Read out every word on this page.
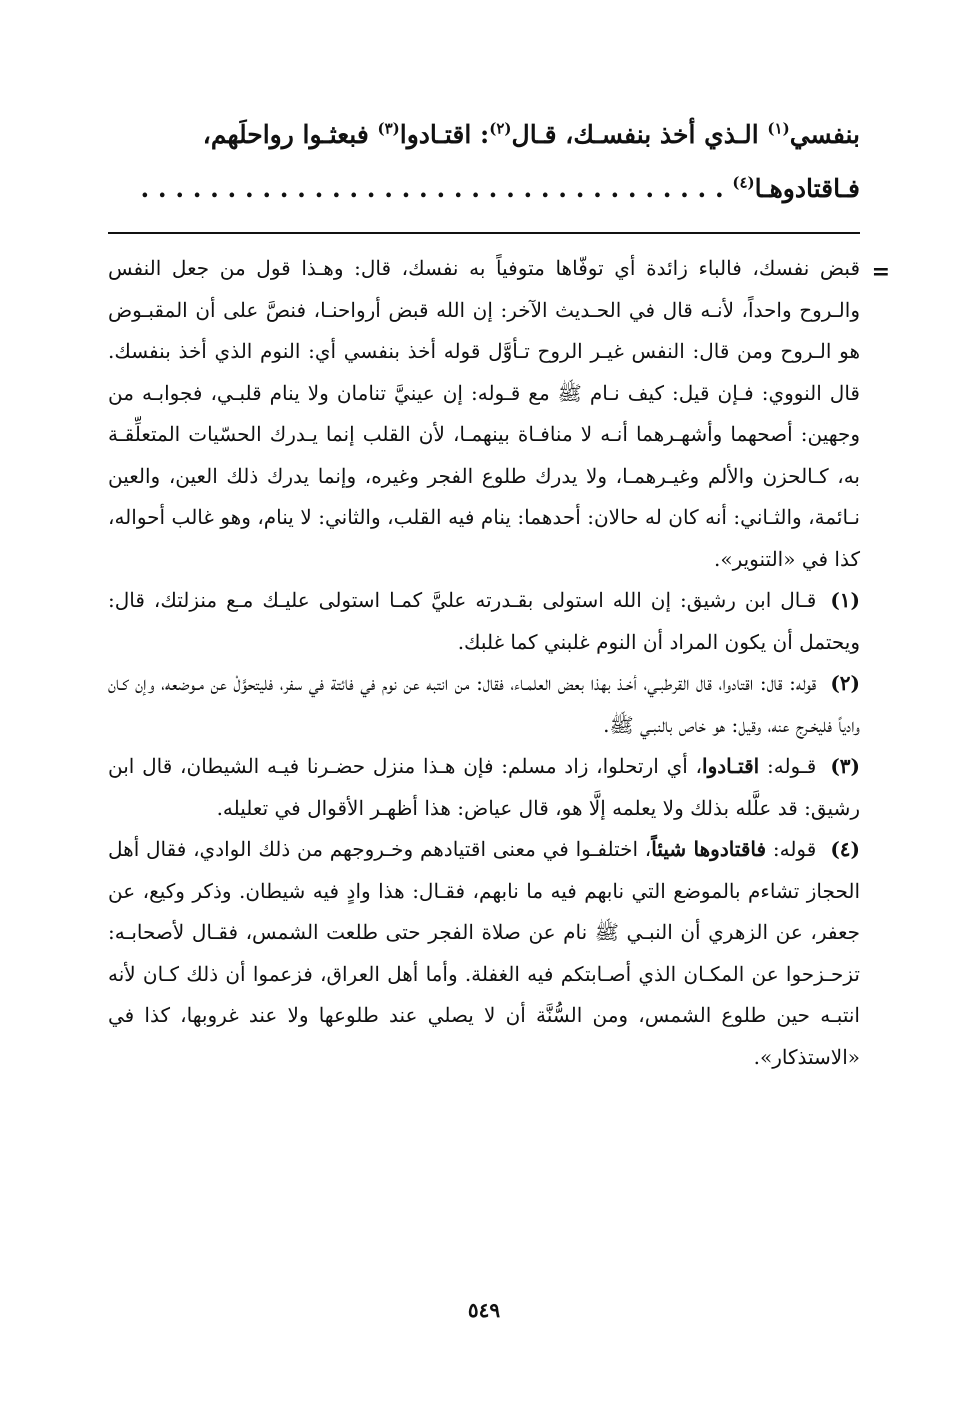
بنفسي$^{(١)}$ الـذي أخذ بنفسـك، قـال$^{(٢)}$: اقتـادوا$^{(٣)}$ فبعثـوا رواحلَهم،
فـاقتادوهـا$^{(٤)}$ . . . . . . . . . . . . . . . . . . . . . . . . . . . . . . . . . .
=

قبض نفسك، فالباء زائدة أي توفّاها متوفياً به نفسك، قال: وهـذا قول من جعل النفس والـروح واحداً، لأنـه قال في الحـديث الآخر: إن الله قبض أرواحنـا، فنصَّ على أن المقبـوض هو الـروح ومن قال: النفس غيـر الروح تـأوَّل قوله أخذ بنفسي أي: النوم الذي أخذ بنفسك. قال النووي: فـإن قيل: كيف نـام ﷺ مع قـوله: إن عينيَّ تنامان ولا ينام قلبـي، فجوابـه من وجهين: أصحهما وأشهـرهما أنـه لا منافـاة بينهمـا، لأن القلب إنما يـدرك الحسّيات المتعلِّقـة به، كـالحزن والألم وغيـرهمـا، ولا يدرك طلوع الفجر وغيره، وإنما يدرك ذلك العين، والعين نـائمة، والثـاني: أنه كان له حالان: أحدهما: ينام فيه القلب، والثاني: لا ينام، وهو غالب أحواله، كذا في «التنوير».

(١)قـال ابن رشيق: إن الله استولى بقـدرته عليَّ كمـا استولى عليـك مـع منزلتك، قال: ويحتمل أن يكون المراد أن النوم غلبني كما غلبك.

(٢)قوله: قال: اقتادوا، قال القرطبـي، أخـذ بهذا بعض العلمـاء، فقال: من انتبه عن نوم في فائتة في سفر، فليتحوَّلْ عن مـوضعه، وإن كـان وادياً فليخـرج عنه، وقيل: هو خاص بالنبـي ﷺ.

(٣)قـوله: اقتـادوا، أي ارتحلوا، زاد مسلم: فإن هـذا منزل حضـرنا فيـه الشيطان، قال ابن رشيق: قد علَّله بذلك ولا يعلمه إلَّا هو، قال عياض: هذا أظهـر الأقوال في تعليله.

(٤)قوله: فاقتادوها شيئاً، اختلفـوا في معنى اقتيادهم وخـروجهم من ذلك الوادي، فقال أهل الحجاز تشاءم بالموضع التي نابهم فيه ما نابهم، فقـال: هذا وادٍ فيه شيطان. وذكر وكيع، عن جعفر، عن الزهري أن النبـي ﷺ نام عن صلاة الفجر حتى طلعت الشمس، فقـال لأصحابـه: تزحـزحوا عن المكـان الذي أصـابتكم فيه الغفلة. وأما أهل العراق، فزعموا أن ذلك كـان لأنه انتبـه حين طلوع الشمس، ومن السُّنَّة أن لا يصلي عند طلوعها ولا عند غروبها، كذا في «الاستذكار».

٥٤٩
